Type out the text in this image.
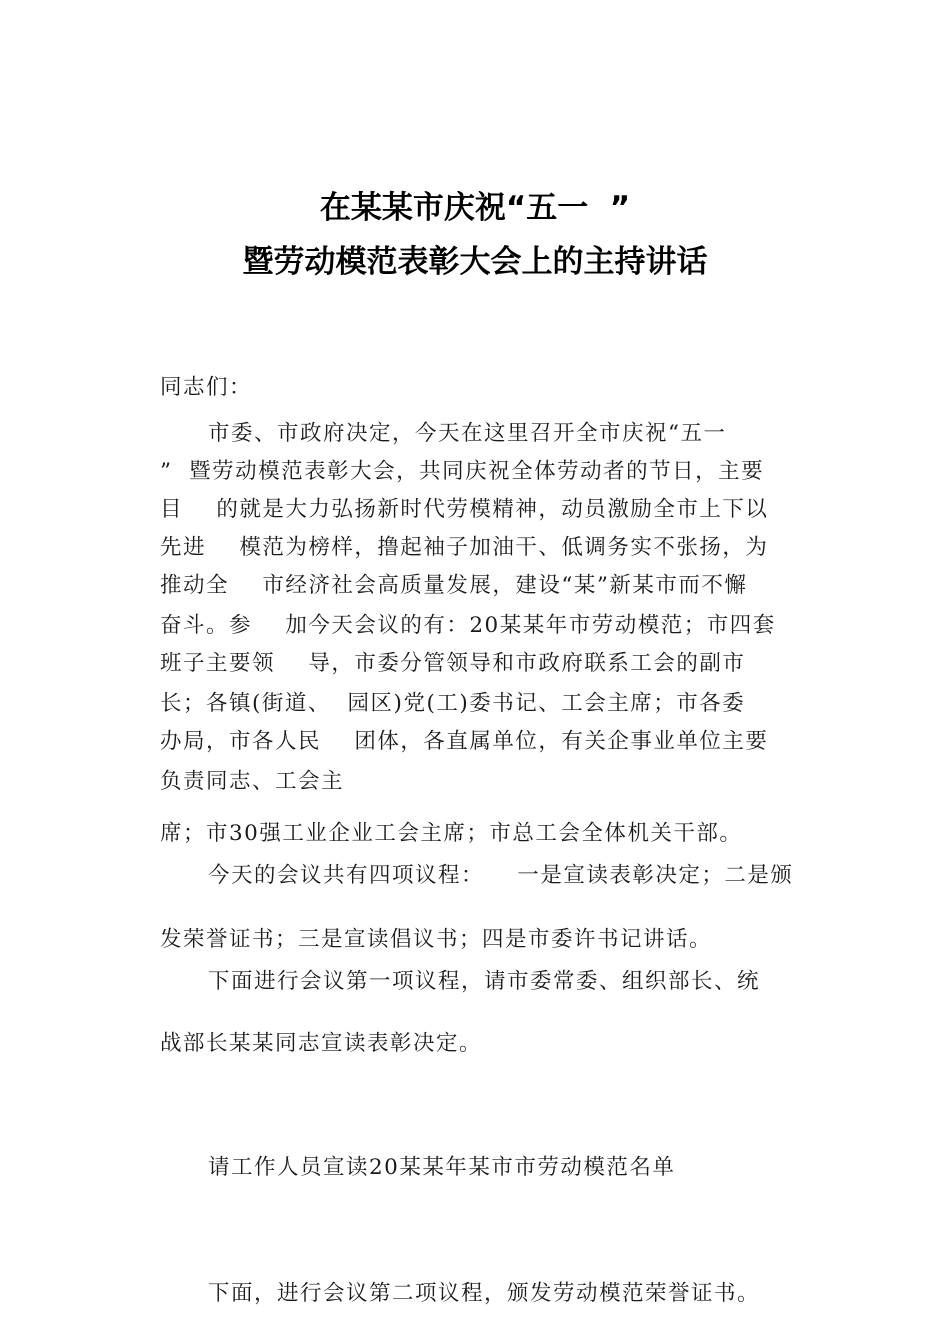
在某某市庆祝“五一  ”
暨劳动模范表彰大会上的主持讲话
同志们：
市委、市政府决定，今天在这里召开全市庆祝“五一
”  暨劳动模范表彰大会，共同庆祝全体劳动者的节日，主要
目    的就是大力弘扬新时代劳模精神，动员激励全市上下以
先进    模范为榜样，撸起袖子加油干、低调务实不张扬，为
推动全    市经济社会高质量发展，建设“某”新某市而不懈
奋斗。参    加今天会议的有：20某某年市劳动模范；市四套
班子主要领    导，市委分管领导和市政府联系工会的副市
长；各镇(街道、  园区)党(工)委书记、工会主席；市各委
办局，市各人民    团体，各直属单位，有关企事业单位主要
负责同志、工会主
席；市30强工业企业工会主席；市总工会全体机关干部。
今天的会议共有四项议程：    一是宣读表彰决定；二是颁
发荣誉证书；三是宣读倡议书；四是市委许书记讲话。
下面进行会议第一项议程，请市委常委、组织部长、统
战部长某某同志宣读表彰决定。
请工作人员宣读20某某年某市市劳动模范名单
下面，进行会议第二项议程，颁发劳动模范荣誉证书。
